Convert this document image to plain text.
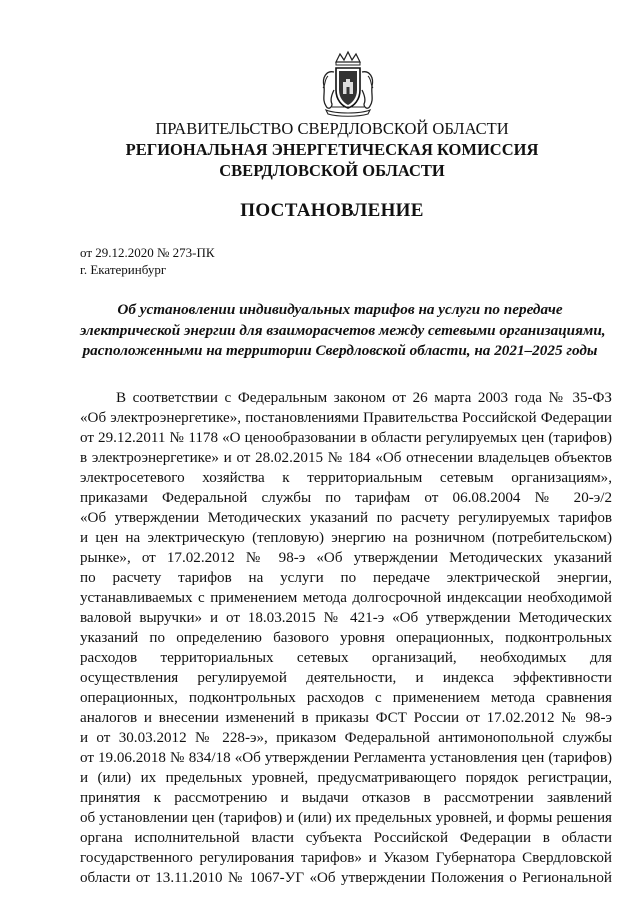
ПРАВИТЕЛЬСТВО СВЕРДЛОВСКОЙ ОБЛАСТИ
РЕГИОНАЛЬНАЯ ЭНЕРГЕТИЧЕСКАЯ КОМИССИЯ
СВЕРДЛОВСКОЙ ОБЛАСТИ
ПОСТАНОВЛЕНИЕ
от 29.12.2020 № 273-ПК
г. Екатеринбург
Об установлении индивидуальных тарифов на услуги по передаче
электрической энергии для взаиморасчетов между сетевыми организациями,
расположенными на территории Свердловской области, на 2021–2025 годы
В соответствии с Федеральным законом от 26 марта 2003 года № 35-ФЗ
«Об электроэнергетике», постановлениями Правительства Российской Федерации
от 29.12.2011 № 1178 «О ценообразовании в области регулируемых цен (тарифов)
в электроэнергетике» и от 28.02.2015 № 184 «Об отнесении владельцев объектов
электросетевого хозяйства к территориальным сетевым организациям»,
приказами Федеральной службы по тарифам от 06.08.2004 № 20-э/2
«Об утверждении Методических указаний по расчету регулируемых тарифов
и цен на электрическую (тепловую) энергию на розничном (потребительском)
рынке», от 17.02.2012 № 98-э «Об утверждении Методических указаний
по расчету тарифов на услуги по передаче электрической энергии,
устанавливаемых с применением метода долгосрочной индексации необходимой
валовой выручки» и от 18.03.2015 № 421-э «Об утверждении Методических
указаний по определению базового уровня операционных, подконтрольных
расходов территориальных сетевых организаций, необходимых для
осуществления регулируемой деятельности, и индекса эффективности
операционных, подконтрольных расходов с применением метода сравнения
аналогов и внесении изменений в приказы ФСТ России от 17.02.2012 № 98-э
и от 30.03.2012 № 228-э», приказом Федеральной антимонопольной службы
от 19.06.2018 № 834/18 «Об утверждении Регламента установления цен (тарифов)
и (или) их предельных уровней, предусматривающего порядок регистрации,
принятия к рассмотрению и выдачи отказов в рассмотрении заявлений
об установлении цен (тарифов) и (или) их предельных уровней, и формы решения
органа исполнительной власти субъекта Российской Федерации в области
государственного регулирования тарифов» и Указом Губернатора Свердловской
области от 13.11.2010 № 1067-УГ «Об утверждении Положения о Региональной
